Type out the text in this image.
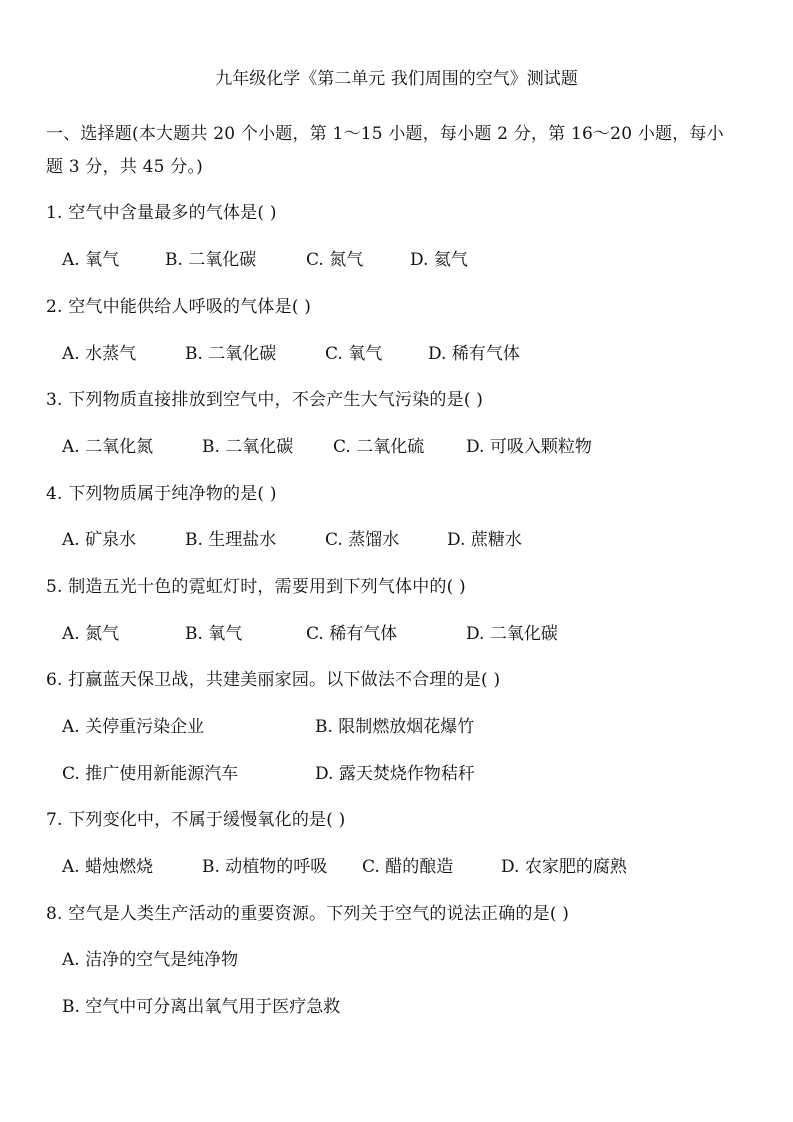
九年级化学《第二单元 我们周围的空气》测试题
一、选择题(本大题共 20 个小题，第 1～15 小题，每小题 2 分，第 16～20 小题，每小
题 3 分，共 45 分。)
1. 空气中含量最多的气体是( )
A. 氧气	B. 二氧化碳	C. 氮气	D. 氦气
2. 空气中能供给人呼吸的气体是( )
A. 水蒸气	B. 二氧化碳	C. 氧气	D. 稀有气体
3. 下列物质直接排放到空气中，不会产生大气污染的是( )
A. 二氧化氮	B. 二氧化碳 C. 二氧化硫 D. 可吸入颗粒物
4. 下列物质属于纯净物的是( )
A. 矿泉水	B. 生理盐水	C. 蒸馏水	D. 蔗糖水
5. 制造五光十色的霓虹灯时，需要用到下列气体中的( )
A. 氮气	B. 氧气	C. 稀有气体	D. 二氧化碳
6. 打赢蓝天保卫战，共建美丽家园。以下做法不合理的是( )
A. 关停重污染企业	B. 限制燃放烟花爆竹
C. 推广使用新能源汽车	D. 露天焚烧作物秸秆
7. 下列变化中，不属于缓慢氧化的是( )
A. 蜡烛燃烧	B. 动植物的呼吸 C. 醋的酿造	D. 农家肥的腐熟
8. 空气是人类生产活动的重要资源。下列关于空气的说法正确的是( )
A. 洁净的空气是纯净物
B. 空气中可分离出氧气用于医疗急救
